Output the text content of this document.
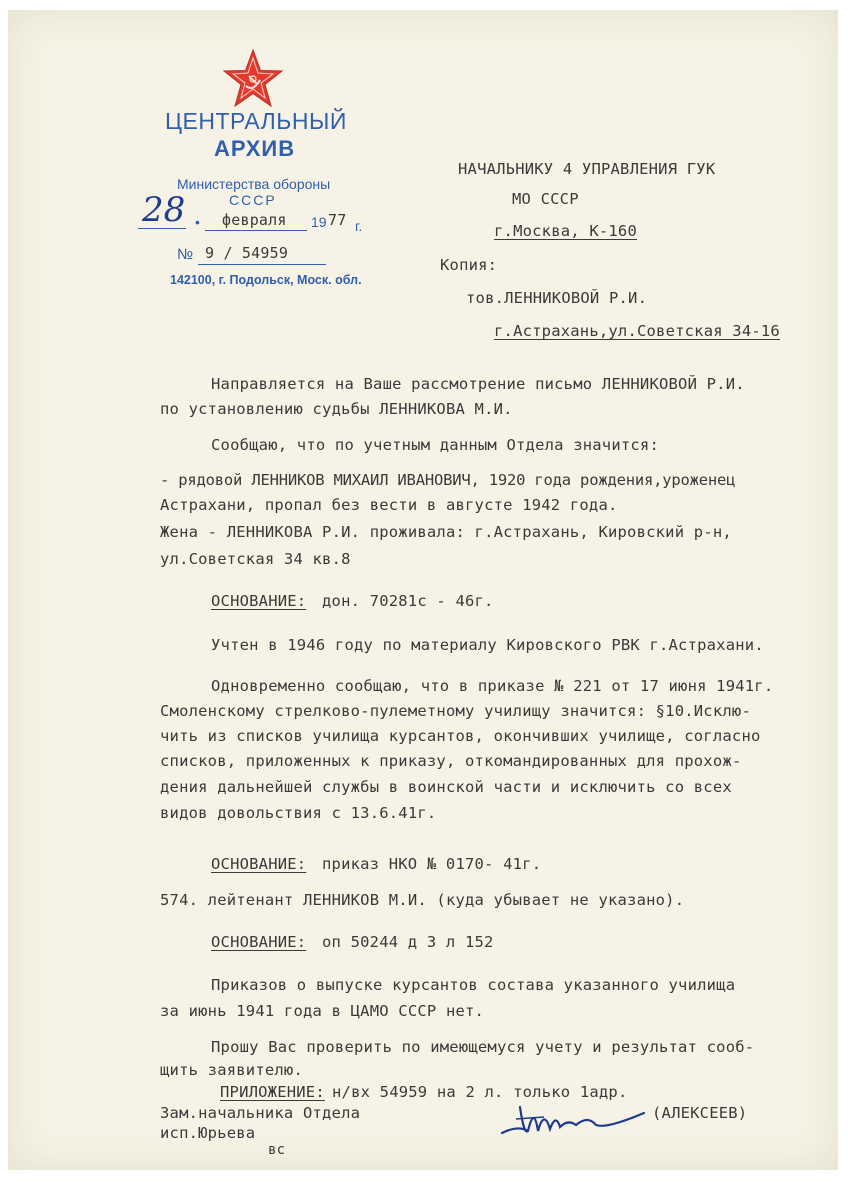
ЦЕНТРАЛЬНЫЙ
АРХИВ
Министерства обороны
СССР
28 • февраля 19 77 г.
№ 9 / 54959
142100, г. Подольск, Моск. обл.
НАЧАЛЬНИКУ 4 УПРАВЛЕНИЯ ГУК
МО СССР
г.Москва, К-160
Копия:
тов.ЛЕННИКОВОЙ Р.И.
г.Астрахань,ул.Советская 34-16
Направляется на Ваше рассмотрение письмо ЛЕННИКОВОЙ Р.И.
по установлению судьбы ЛЕННИКОВА М.И.
Сообщаю, что по учетным данным Отдела значится:
- рядовой ЛЕННИКОВ МИХАИЛ ИВАНОВИЧ, 1920 года рождения,уроженец
Астрахани, пропал без вести в августе 1942 года.
Жена - ЛЕННИКОВА Р.И. проживала: г.Астрахань, Кировский р-н,
ул.Советская 34 кв.8
ОСНОВАНИЕ: дон. 70281с - 46г.
Учтен в 1946 году по материалу Кировского РВК г.Астрахани.
Одновременно сообщаю, что в приказе № 221 от 17 июня 1941г.
Смоленскому стрелково-пулеметному училищу значится: §10.Исклю-
чить из списков училища курсантов, окончивших училище, согласно
списков, приложенных к приказу, откомандированных для прохож-
дения дальнейшей службы в воинской части и исключить со всех
видов довольствия с 13.6.41г.
ОСНОВАНИЕ: приказ НКО № 0170- 41г.
574. лейтенант ЛЕННИКОВ М.И. (куда убывает не указано).
ОСНОВАНИЕ: оп 50244 д 3 л 152
Приказов о выпуске курсантов состава указанного училища
за июнь 1941 года в ЦАМО СССР нет.
Прошу Вас проверить по имеющемуся учету и результат сооб-
щить заявителю.
ПРИЛОЖЕНИЕ: н/вх 54959 на 2 л. только 1адр.
Зам.начальника Отдела
исп.Юрьева
вс
(АЛЕКСЕЕВ)
